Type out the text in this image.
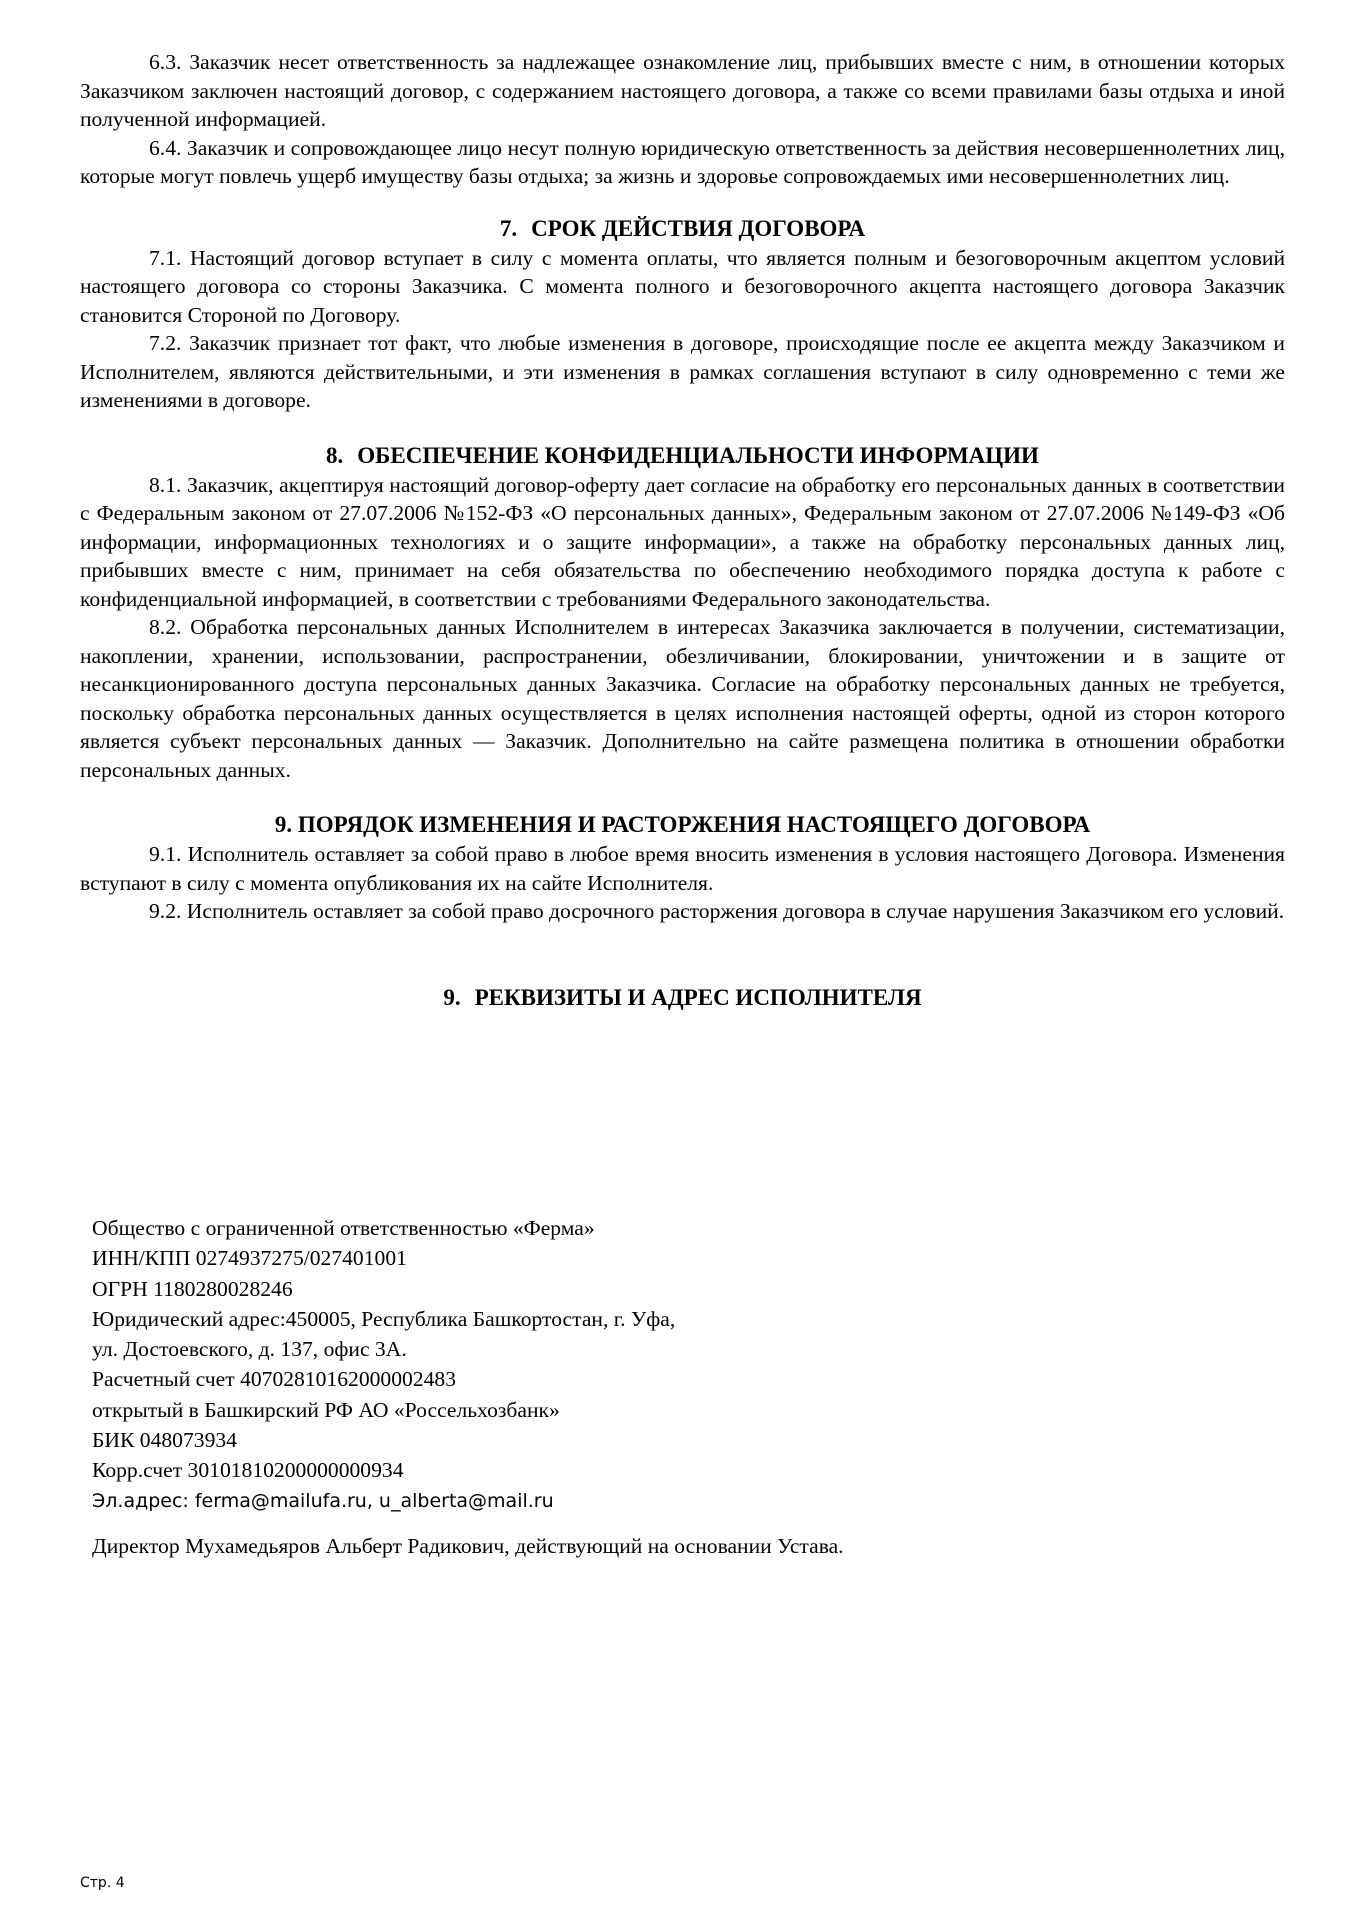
6.3. Заказчик несет ответственность за надлежащее ознакомление лиц, прибывших вместе с ним, в отношении которых Заказчиком заключен настоящий договор, с содержанием настоящего договора, а также со всеми правилами базы отдыха и иной полученной информацией.

6.4. Заказчик и сопровождающее лицо несут полную юридическую ответственность за действия несовершеннолетних лиц, которые могут повлечь ущерб имуществу базы отдыха; за жизнь и здоровье сопровождаемых ими несовершеннолетних лиц.

7. СРОК ДЕЙСТВИЯ ДОГОВОРА

7.1. Настоящий договор вступает в силу с момента оплаты, что является полным и безоговорочным акцептом условий настоящего договора со стороны Заказчика. С момента полного и безоговорочного акцепта настоящего договора Заказчик становится Стороной по Договору.

7.2. Заказчик признает тот факт, что любые изменения в договоре, происходящие после ее акцепта между Заказчиком и Исполнителем, являются действительными, и эти изменения в рамках соглашения вступают в силу одновременно с теми же изменениями в договоре.

8. ОБЕСПЕЧЕНИЕ КОНФИДЕНЦИАЛЬНОСТИ ИНФОРМАЦИИ

8.1. Заказчик, акцептируя настоящий договор-оферту дает согласие на обработку его персональных данных в соответствии с Федеральным законом от 27.07.2006 №152-ФЗ «О персональных данных», Федеральным законом от 27.07.2006 №149-ФЗ «Об информации, информационных технологиях и о защите информации», а также на обработку персональных данных лиц, прибывших вместе с ним, принимает на себя обязательства по обеспечению необходимого порядка доступа к работе с конфиденциальной информацией, в соответствии с требованиями Федерального законодательства.

8.2. Обработка персональных данных Исполнителем в интересах Заказчика заключается в получении, систематизации, накоплении, хранении, использовании, распространении, обезличивании, блокировании, уничтожении и в защите от несанкционированного доступа персональных данных Заказчика. Согласие на обработку персональных данных не требуется, поскольку обработка персональных данных осуществляется в целях исполнения настоящей оферты, одной из сторон которого является субъект персональных данных — Заказчик. Дополнительно на сайте размещена политика в отношении обработки персональных данных.

9. ПОРЯДОК ИЗМЕНЕНИЯ И РАСТОРЖЕНИЯ НАСТОЯЩЕГО ДОГОВОРА

9.1. Исполнитель оставляет за собой право в любое время вносить изменения в условия настоящего Договора. Изменения вступают в силу с момента опубликования их на сайте Исполнителя.

9.2. Исполнитель оставляет за собой право досрочного расторжения договора в случае нарушения Заказчиком его условий.

9. РЕКВИЗИТЫ И АДРЕС ИСПОЛНИТЕЛЯ
Общество с ограниченной ответственностью «Ферма»
ИНН/КПП 0274937275/027401001
ОГРН 1180280028246
Юридический адрес:450005, Республика Башкортостан, г. Уфа,
ул. Достоевского, д. 137, офис 3А.
Расчетный счет 40702810162000002483
открытый в Башкирский РФ АО «Россельхозбанк»
БИК 048073934
Корр.счет 30101810200000000934
Эл.адрес: ferma@mailufa.ru, u_alberta@mail.ru
Директор Мухамедьяров Альберт Радикович, действующий на основании Устава.
Стр. 4
